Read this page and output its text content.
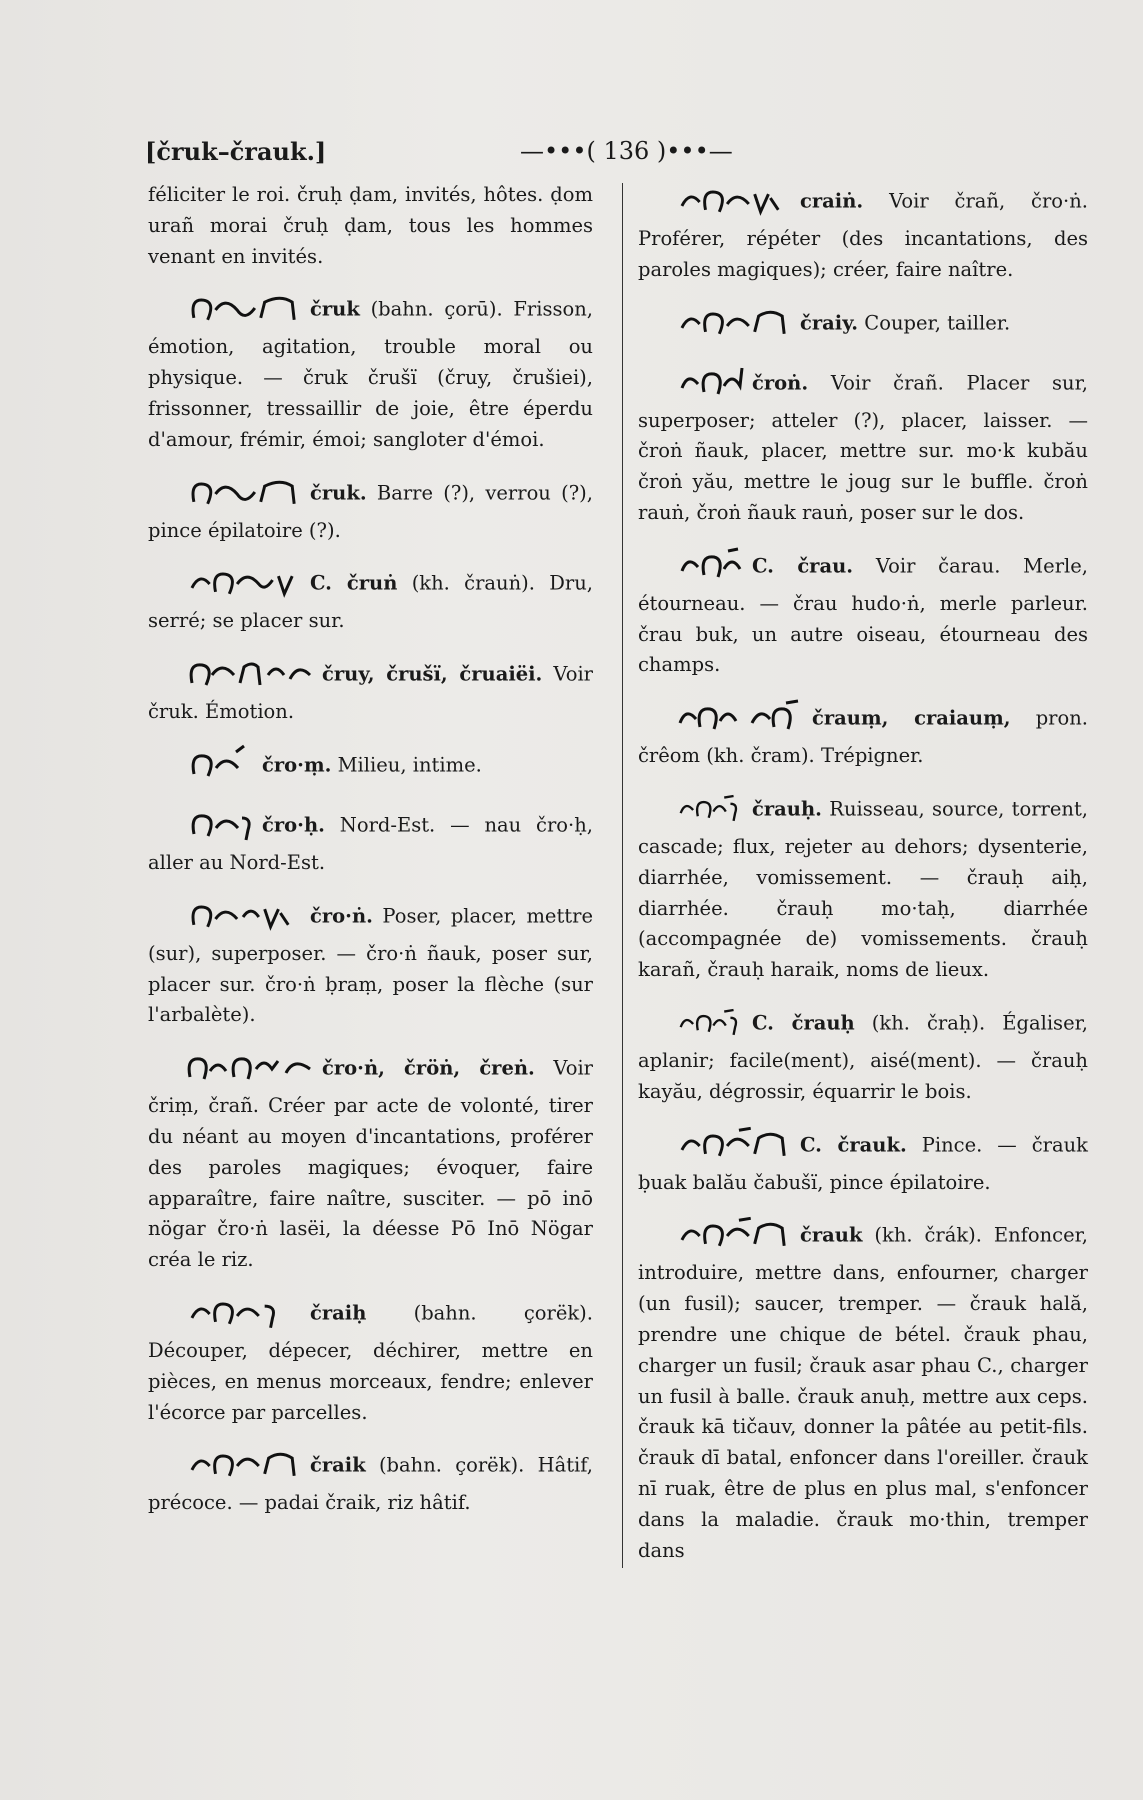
[čruk–črauk.]	—•••( 136 )•••—

féliciter le roi. čruḥ ḍam, invités, hôtes. ḍom urañ morai čruḥ ḍam, tous les hommes venant en invités.

čruk (bahn. çorū). Frisson, émotion, agitation, trouble moral ou physique. — čruk črušï (čruy, črušiei), frissonner, tressaillir de joie, être éperdu d'amour, frémir, émoi; sangloter d'émoi.

čruk. Barre (?), verrou (?), pince épilatoire (?).

C. čruṅ (kh. črauṅ). Dru, serré; se placer sur.

čruy, črušï, čruaiëi. Voir čruk. Émotion.

čro·ṃ. Milieu, intime.

čro·ḥ. Nord-Est. — nau čro·ḥ, aller au Nord-Est.

čro·ṅ. Poser, placer, mettre (sur), superposer. — čro·ṅ ñauk, poser sur, placer sur. čro·ṅ ḅraṃ, poser la flèche (sur l'arbalète).

čro·ṅ, čröṅ, čreṅ. Voir čriṃ, črañ. Créer par acte de volonté, tirer du néant au moyen d'incantations, proférer des paroles magiques; évoquer, faire apparaître, faire naître, susciter. — pō inō nögar čro·ṅ lasëi, la déesse Pō Inō Nögar créa le riz.

čraiḥ (bahn. çorëk). Découper, dépecer, déchirer, mettre en pièces, en menus morceaux, fendre; enlever l'écorce par parcelles.

čraik (bahn. çorëk). Hâtif, précoce. — padai čraik, riz hâtif.

craiṅ. Voir črañ, čro·ṅ. Proférer, répéter (des incantations, des paroles magiques); créer, faire naître.

čraiy. Couper, tailler.

čroṅ. Voir črañ. Placer sur, superposer; atteler (?), placer, laisser. — čroṅ ñauk, placer, mettre sur. mo·k kubău čroṅ yău, mettre le joug sur le buffle. čroṅ rauṅ, čroṅ ñauk rauṅ, poser sur le dos.

C. črau. Voir čarau. Merle, étourneau. — črau hudo·ṅ, merle parleur. črau buk, un autre oiseau, étourneau des champs.

črauṃ, craiauṃ, pron. črêom (kh. čram). Trépigner.

črauḥ. Ruisseau, source, torrent, cascade; flux, rejeter au dehors; dysenterie, diarrhée, vomissement. — črauḥ aiḥ, diarrhée. črauḥ mo·taḥ, diarrhée (accompagnée de) vomissements. črauḥ karañ, črauḥ haraik, noms de lieux.

C. črauḥ (kh. čraḥ). Égaliser, aplanir; facile(ment), aisé(ment). — črauḥ kayău, dégrossir, équarrir le bois.

C. črauk. Pince. — črauk ḅuak balău čabušï, pince épilatoire.

črauk (kh. črák). Enfoncer, introduire, mettre dans, enfourner, charger (un fusil); saucer, tremper. — črauk hală, prendre une chique de bétel. črauk phau, charger un fusil; črauk asar phau C., charger un fusil à balle. črauk anuḥ, mettre aux ceps. črauk kā tičauv, donner la pâtée au petit-fils. črauk dī batal, enfoncer dans l'oreiller. črauk nī ruak, être de plus en plus mal, s'enfoncer dans la maladie. črauk mo·thin, tremper dans
